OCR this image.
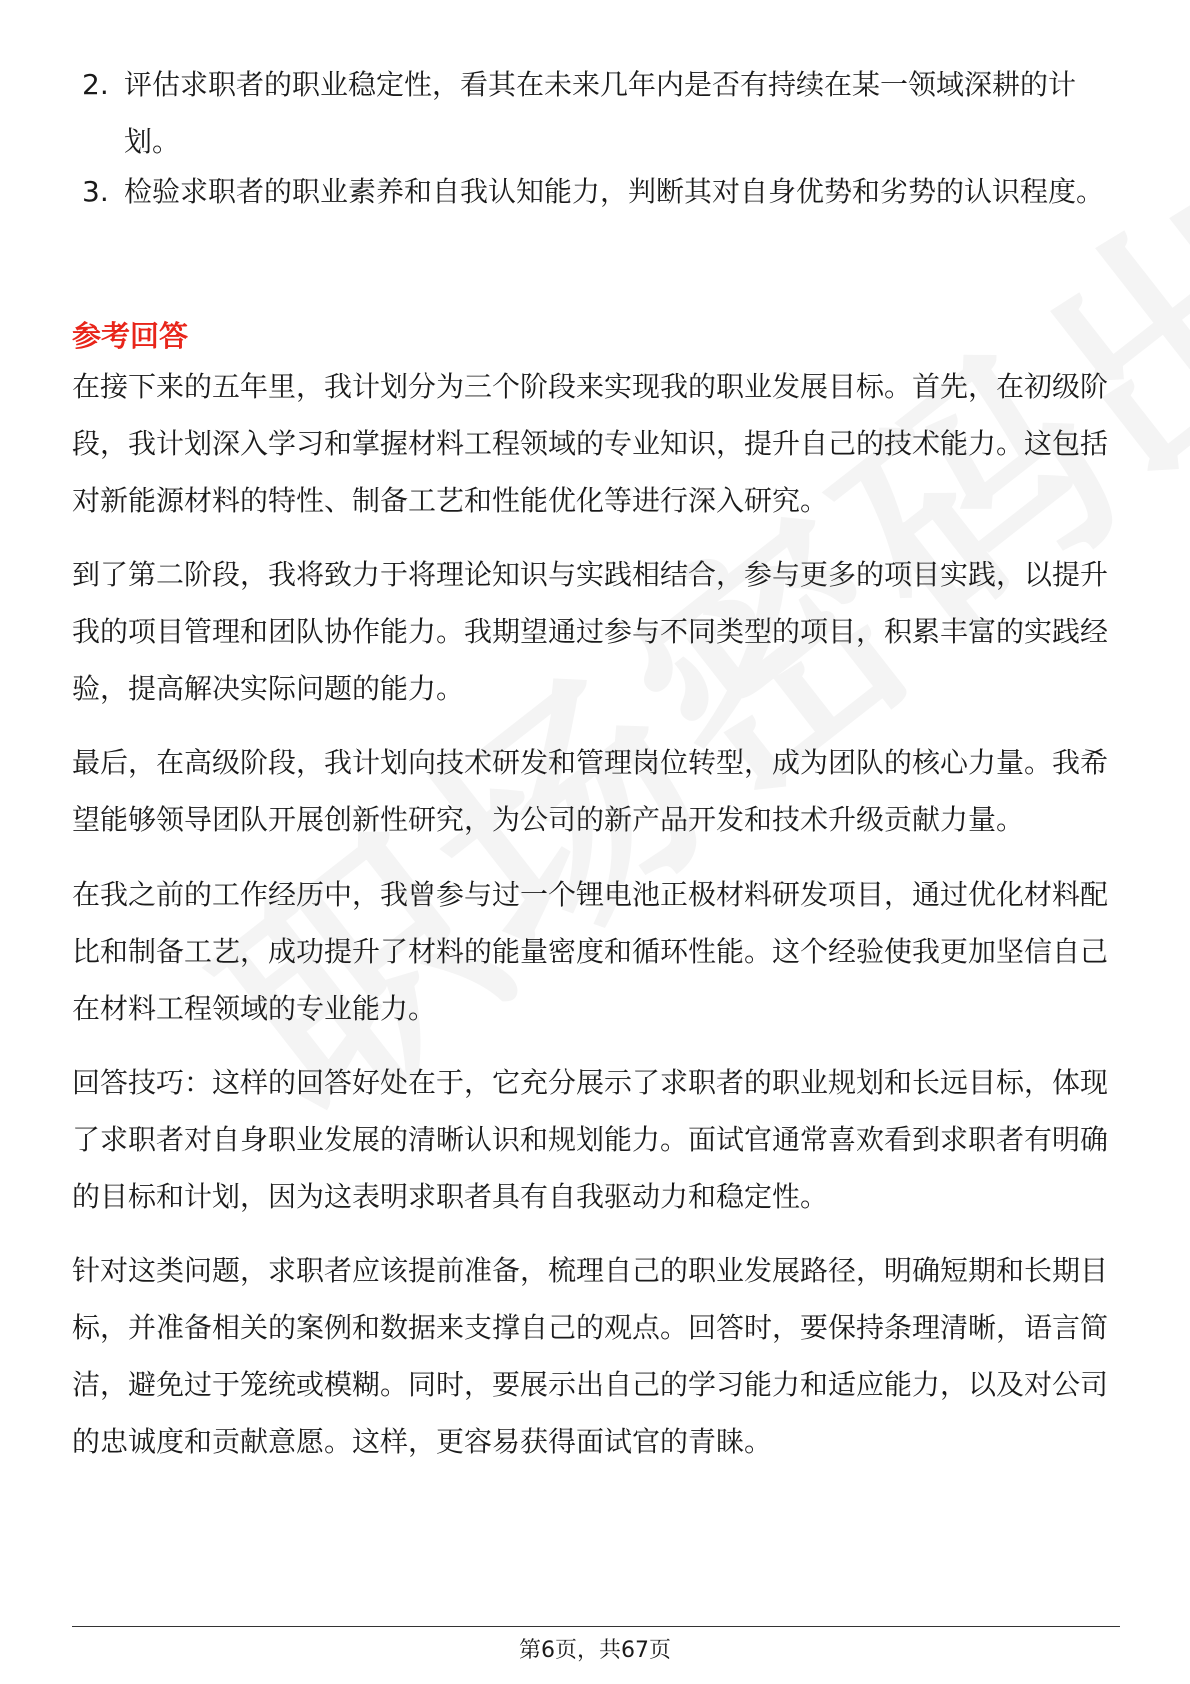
2. 评估求职者的职业稳定性，看其在未来几年内是否有持续在某一领域深耕的计划。
3. 检验求职者的职业素养和自我认知能力，判断其对自身优势和劣势的认识程度。
参考回答

在接下来的五年里，我计划分为三个阶段来实现我的职业发展目标。首先，在初级阶段，我计划深入学习和掌握材料工程领域的专业知识，提升自己的技术能力。这包括对新能源材料的特性、制备工艺和性能优化等进行深入研究。

到了第二阶段，我将致力于将理论知识与实践相结合，参与更多的项目实践，以提升我的项目管理和团队协作能力。我期望通过参与不同类型的项目，积累丰富的实践经验，提高解决实际问题的能力。

最后，在高级阶段，我计划向技术研发和管理岗位转型，成为团队的核心力量。我希望能够领导团队开展创新性研究，为公司的新产品开发和技术升级贡献力量。

在我之前的工作经历中，我曾参与过一个锂电池正极材料研发项目，通过优化材料配比和制备工艺，成功提升了材料的能量密度和循环性能。这个经验使我更加坚信自己在材料工程领域的专业能力。

回答技巧：这样的回答好处在于，它充分展示了求职者的职业规划和长远目标，体现了求职者对自身职业发展的清晰认识和规划能力。面试官通常喜欢看到求职者有明确的目标和计划，因为这表明求职者具有自我驱动力和稳定性。

针对这类问题，求职者应该提前准备，梳理自己的职业发展路径，明确短期和长期目标，并准备相关的案例和数据来支撑自己的观点。回答时，要保持条理清晰，语言简洁，避免过于笼统或模糊。同时，要展示出自己的学习能力和适应能力，以及对公司的忠诚度和贡献意愿。这样，更容易获得面试官的青睐。

第6页，共67页
